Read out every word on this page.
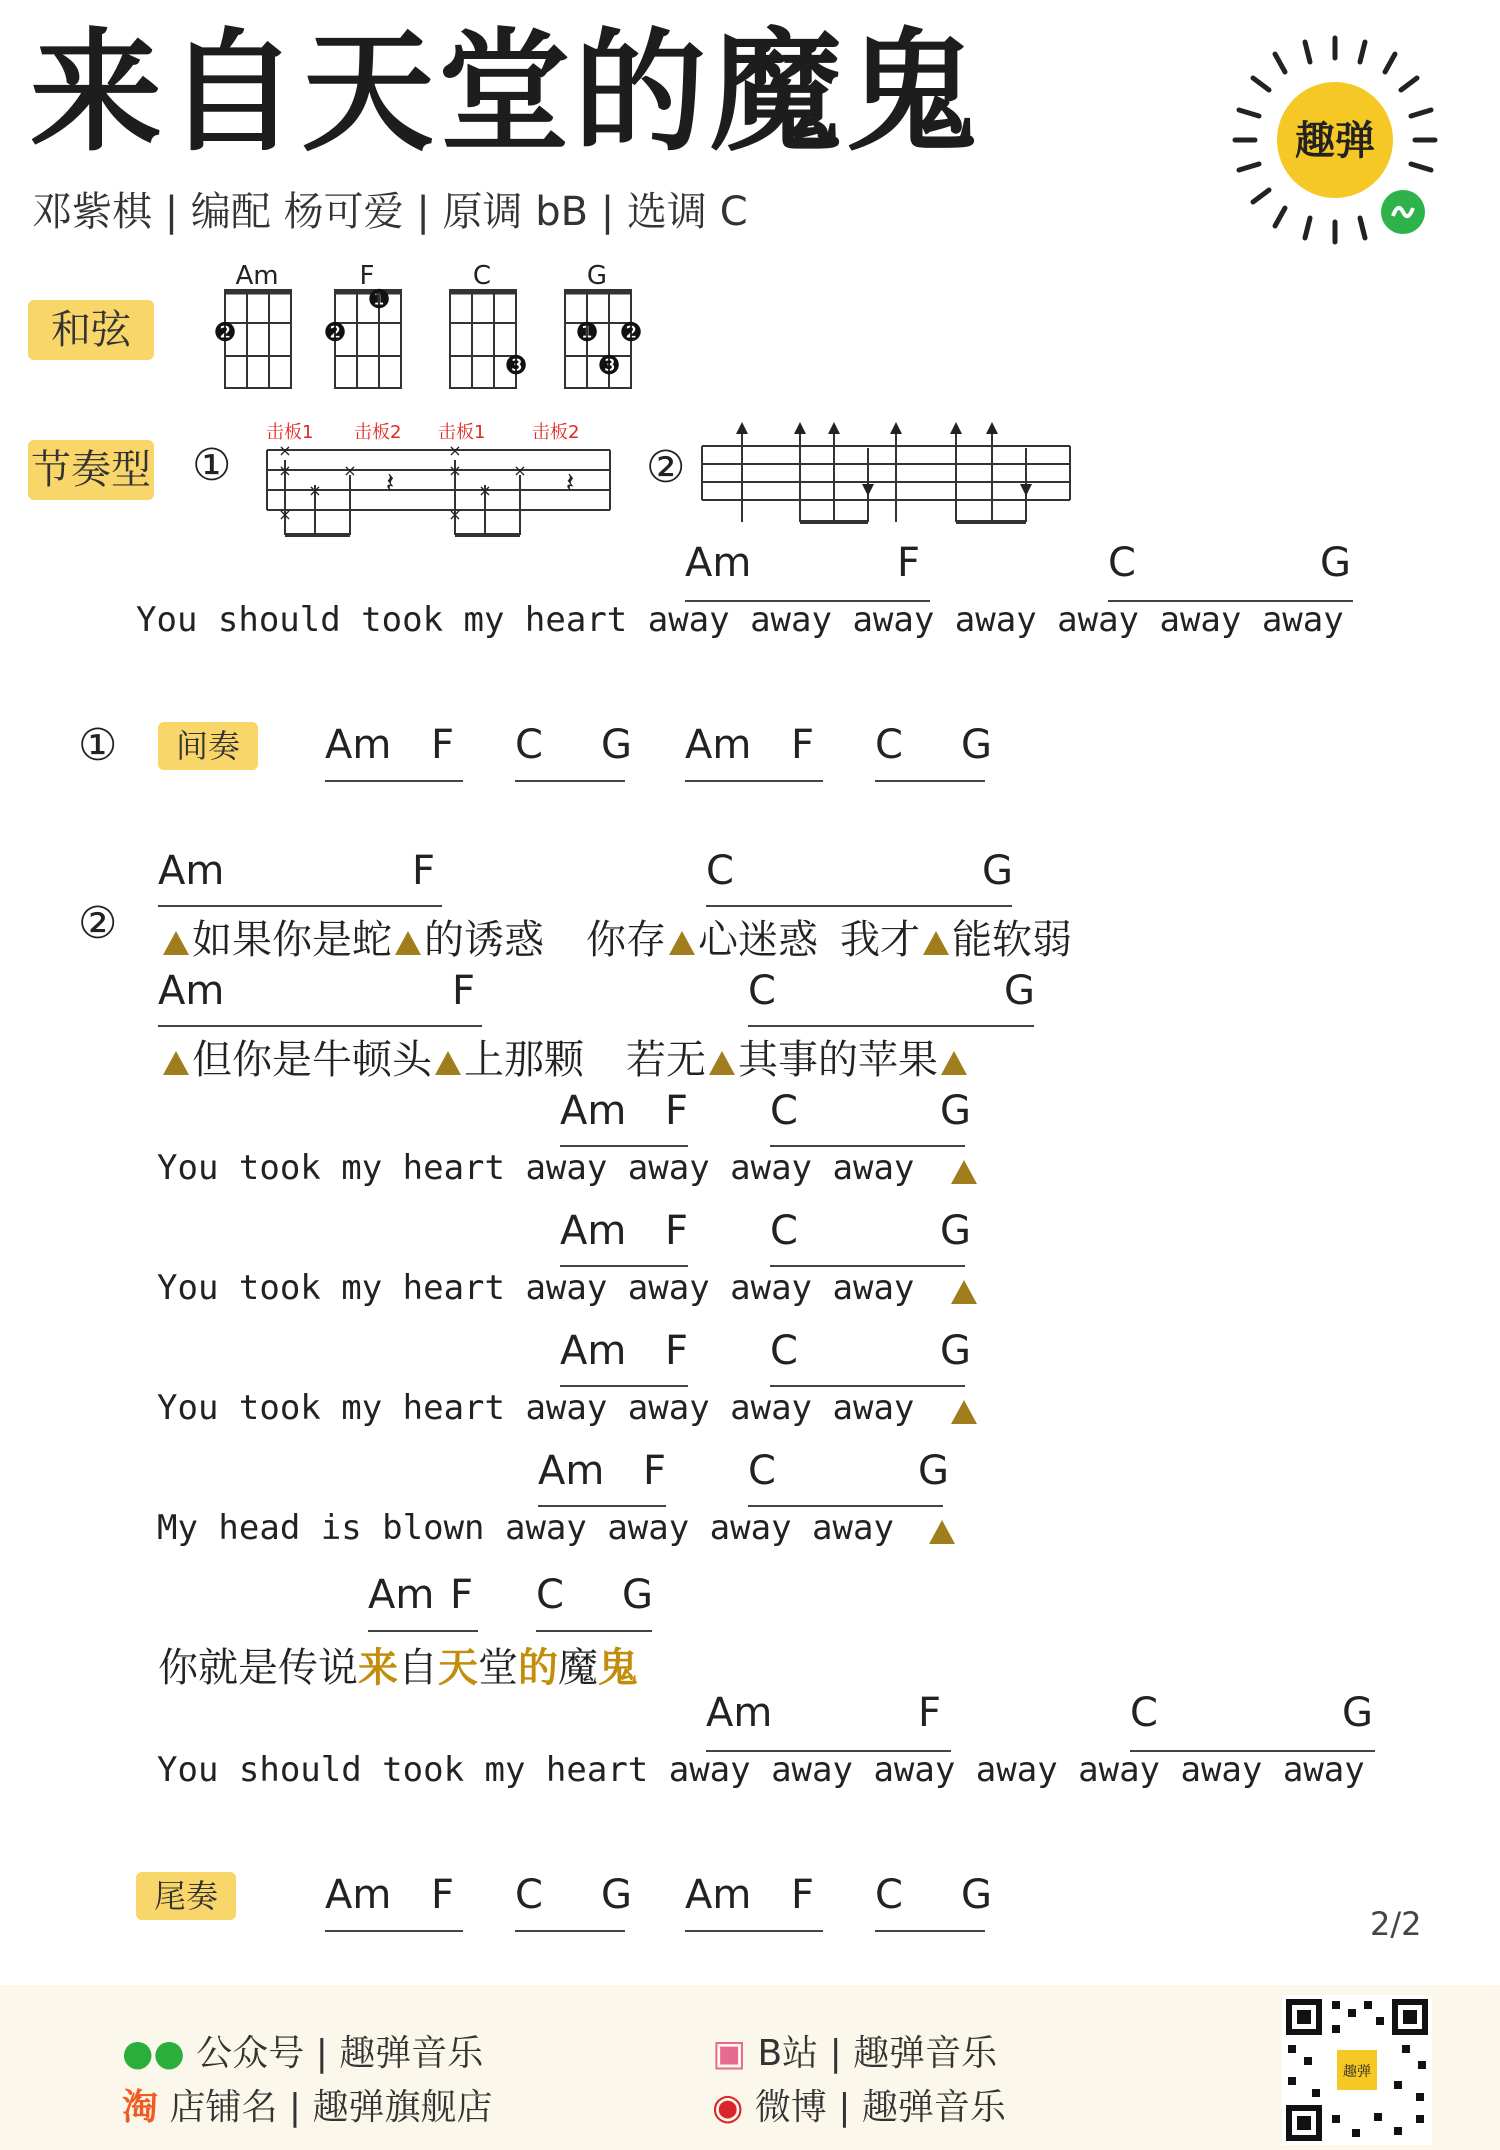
来自天堂的魔鬼
邓紫棋 | 编配 杨可爱 | 原调 bB | 选调 C
趣弹
和弦
Am	F	C	G
❷	❷
❶
❸
❶ ❷
❸
节奏型 ①	②
击板1 击板2 击板1	击板2
×
×
×
×
×
×
×
×
×
×
𝄽	𝄽
Am	F	C	G
You should took my heart away away away away away away away
①	间奏	Am F C G Am F C G
②
Am	F	C	G
如果你是蛇 的诱惑 你存 心迷惑 我才 能软弱
Am	F	C	G
但你是牛顿头 上那颗 若无 其事的苹果
Am F C	G
You took my heart away away away away
Am F C	G
You took my heart away away away away
Am F C	G
You took my heart away away away away
Am F C	G
My head is blown away away away away
Am F C G
你就是传说来自天堂的魔鬼
Am	F	C	G
You should took my heart away away away away away away away
尾奏	Am F C G Am F C G
2/2
●● 公众号 | 趣弹音乐
淘 店铺名 | 趣弹旗舰店
▣ B站 | 趣弹音乐
◉ 微博 | 趣弹音乐
趣弹
